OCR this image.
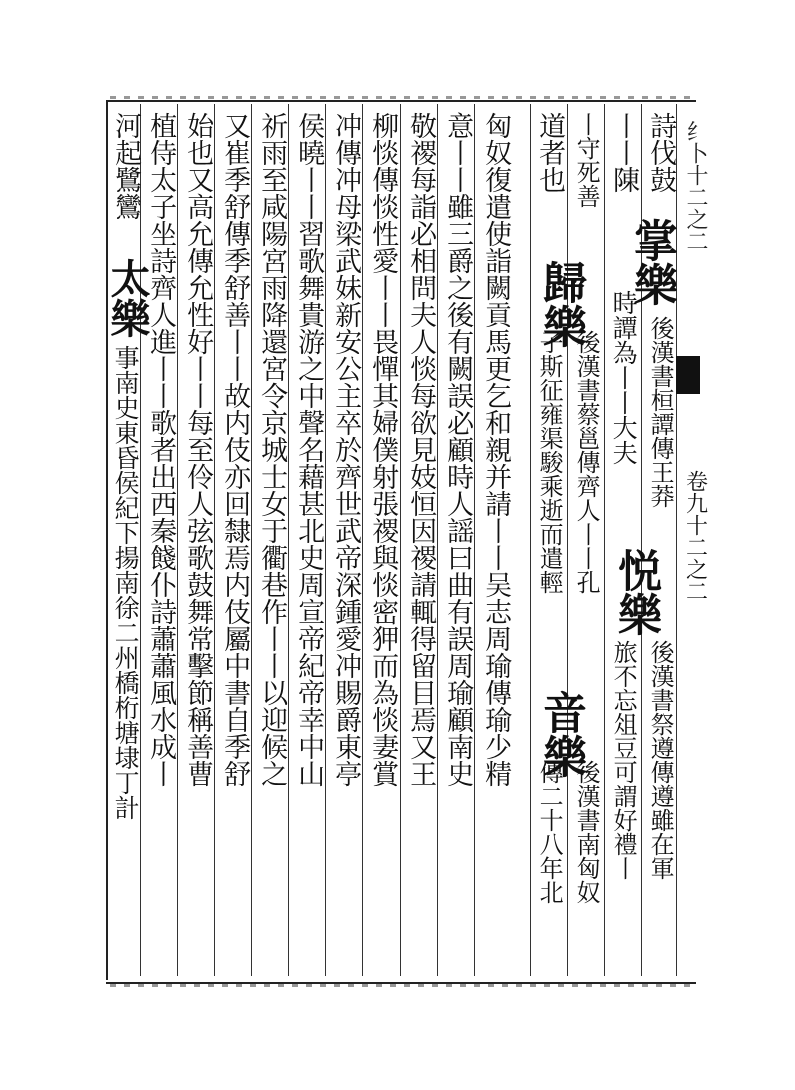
纟卜十二之二
卷九十二之二
詩伐鼓
掌樂
後漢書桓譚傳王莽
丨丨陳
時譚為丨丨大夫
悦樂
旅不忘俎豆可謂好禮丨 後漢書祭遵傳遵雖在軍
丨守死善
歸樂
後漢書蔡邕傳齊人丨丨孔
音樂
後漢書南匈奴
道者也
子斯征雍渠駿乘逝而遣輕
傳二十八年北
匈奴復遣使詣闕貢馬更乞和親并請丨丨吴志周瑜傳瑜少精
意丨丨雖三爵之後有闕誤必顧時人謡曰曲有誤周瑜顧南史
敬禝每詣必相問夫人惔每欲見妓恒因禝請輒得留目焉又王
柳惔傳惔性愛丨丨畏憚其婦僕射張禝與惔密狎而為惔妻賞
冲傳冲母梁武妹新安公主卒於齊世武帝深鍾愛冲賜爵東亭
侯曉丨丨習歌舞貴游之中聲名藉甚北史周宣帝紀帝幸中山
祈雨至咸陽宮雨降還宮令京城士女于衢巷作丨丨以迎候之
又崔季舒傳季舒善丨丨故内伎亦回隸焉内伎屬中書自季舒
始也又高允傳允性好丨丨每至伶人弦歌鼓舞常擊節稱善曹
植侍太子坐詩齊人進丨丨歌者出西秦餞仆詩蕭蕭風水成丨
河起鷺鸞
太樂
事南史東昏侯紀下揚南徐二州橋桁塘埭丁計
